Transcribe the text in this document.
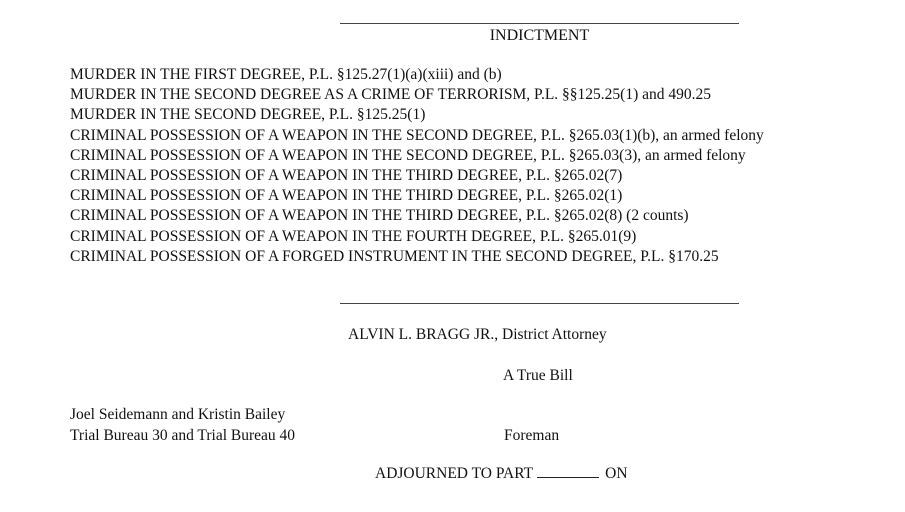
INDICTMENT
MURDER IN THE FIRST DEGREE, P.L. §125.27(1)(a)(xiii) and (b)
MURDER IN THE SECOND DEGREE AS A CRIME OF TERRORISM, P.L. §§125.25(1) and 490.25
MURDER IN THE SECOND DEGREE, P.L. §125.25(1)
CRIMINAL POSSESSION OF A WEAPON IN THE SECOND DEGREE, P.L. §265.03(1)(b), an armed felony
CRIMINAL POSSESSION OF A WEAPON IN THE SECOND DEGREE, P.L. §265.03(3), an armed felony
CRIMINAL POSSESSION OF A WEAPON IN THE THIRD DEGREE, P.L. §265.02(7)
CRIMINAL POSSESSION OF A WEAPON IN THE THIRD DEGREE, P.L. §265.02(1)
CRIMINAL POSSESSION OF A WEAPON IN THE THIRD DEGREE, P.L. §265.02(8) (2 counts)
CRIMINAL POSSESSION OF A WEAPON IN THE FOURTH DEGREE, P.L. §265.01(9)
CRIMINAL POSSESSION OF A FORGED INSTRUMENT IN THE SECOND DEGREE, P.L. §170.25
ALVIN L. BRAGG JR., District Attorney
A True Bill
Joel Seidemann and Kristin Bailey
Trial Bureau 30 and Trial Bureau 40	Foreman
ADJOURNED TO PART	ON
